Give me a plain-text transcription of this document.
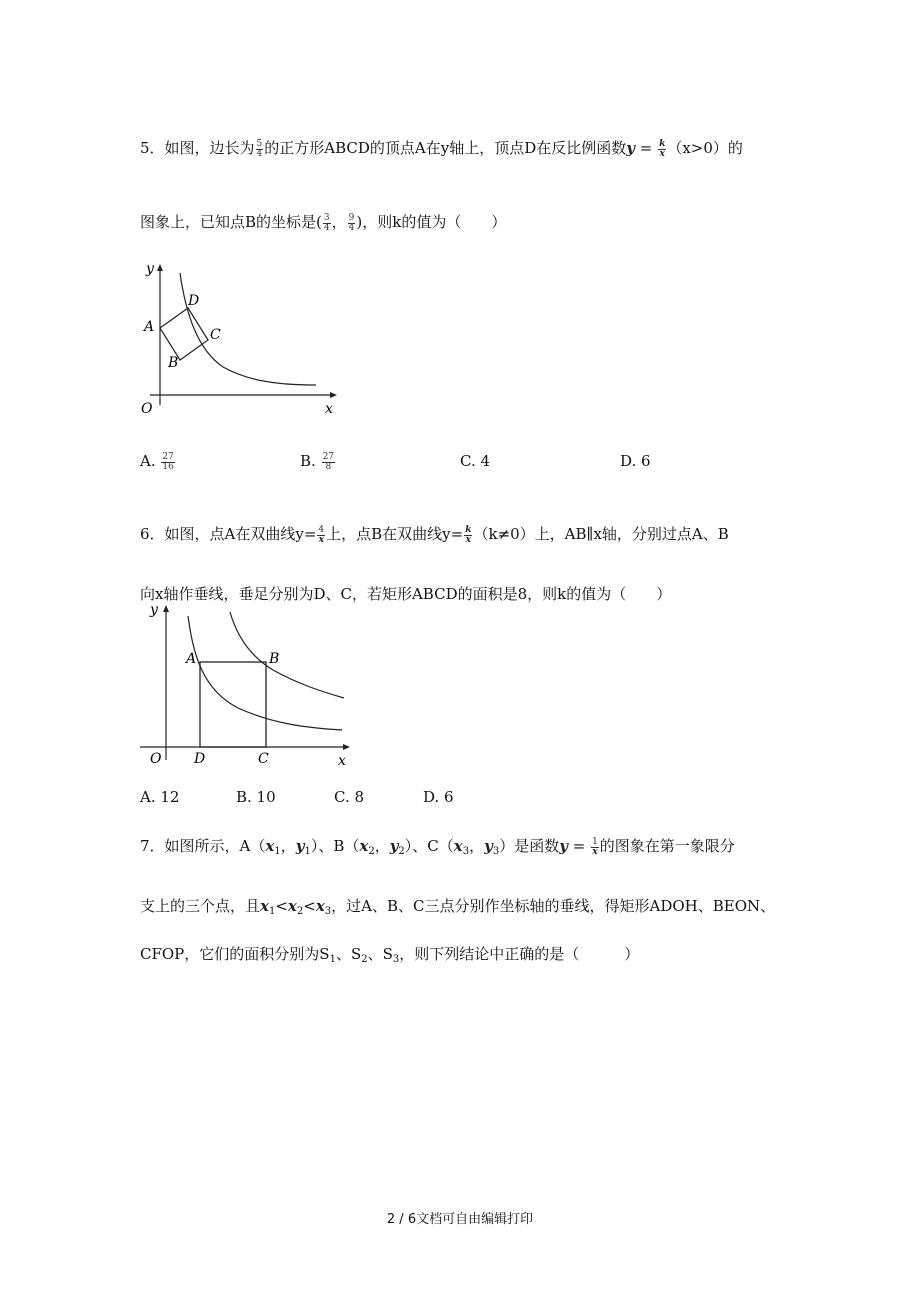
5．如图，边长为 $\frac{5}{4}$ 的正方形ABCD的顶点A在y轴上，顶点D在反比例函数$y = \frac{k}{x} (x>0)$的
图象上，已知点B的坐标是( $\frac{3}{4}$ ， $\frac{9}{4}$ )，则k的值为（　　）
y
x
O
A
B
C
D
A. $\frac{27}{16}$	B. $\frac{27}{8}$	C. 4	D. 6
6．如图，点A在双曲线$y= \frac{4}{x}$ 上，点B在双曲线$y= \frac{k}{x} (k\ne 0)$上，AB∥x轴，分别过点A、B
向x轴作垂线，垂足分别为D、C，若矩形ABCD的面积是8，则k的值为（　　）
y
x
O
A	B
D	C
A. 12	B. 10	C. 8	D. 6
7．如图所示，$A(x_1$，$y_1$）、$B(x_2$，$y_2$）、$C(x_3$，$y_3$）是函数$y = \frac{1}{x}$ 的图象在第一象限分
支上的三个点，且$x_1<x_2<x_3$，过A、B、C三点分别作坐标轴的垂线，得矩形ADOH、BEON、
CFOP，它们的面积分别为$S_1$、$S_2$、$S_3$，则下列结论中正确的是（　　　）
2 / 6文档可自由编辑打印
